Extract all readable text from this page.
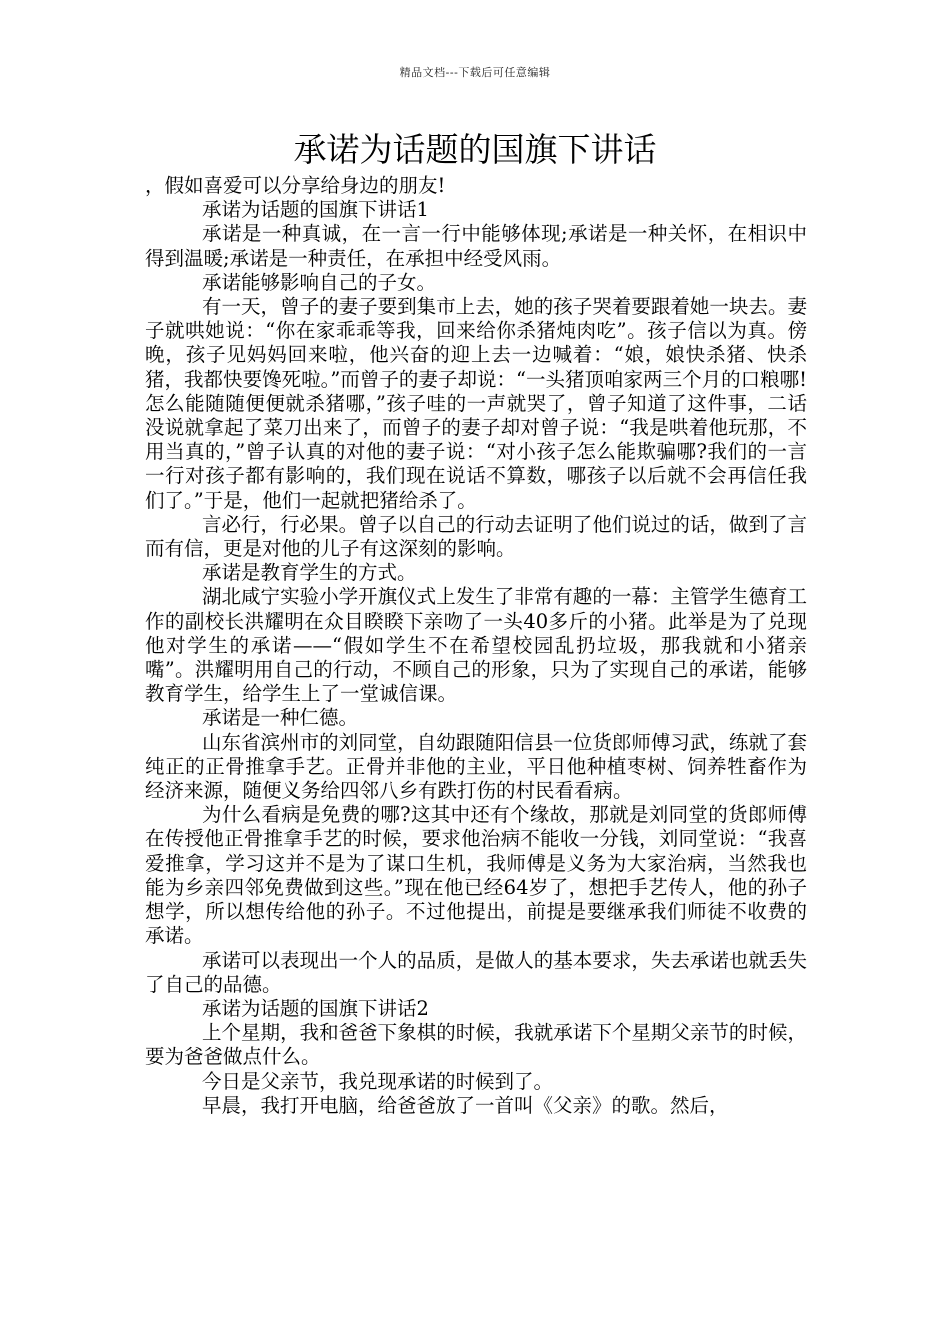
精品文档---下载后可任意编辑
承诺为话题的国旗下讲话

，假如喜爱可以分享给身边的朋友!

承诺为话题的国旗下讲话1

承诺是一种真诚，在一言一行中能够体现;承诺是一种关怀，在相识中得到温暖;承诺是一种责任，在承担中经受风雨。

承诺能够影响自己的子女。

有一天，曾子的妻子要到集市上去，她的孩子哭着要跟着她一块去。妻子就哄她说：“你在家乖乖等我，回来给你杀猪炖肉吃”。孩子信以为真。傍晚，孩子见妈妈回来啦，他兴奋的迎上去一边喊着：“娘，娘快杀猪、快杀猪，我都快要馋死啦。”而曾子的妻子却说：“一头猪顶咱家两三个月的口粮哪!怎么能随随便便就杀猪哪，”孩子哇的一声就哭了，曾子知道了这件事，二话没说就拿起了菜刀出来了，而曾子的妻子却对曾子说：“我是哄着他玩那，不用当真的，”曾子认真的对他的妻子说：“对小孩子怎么能欺骗哪?我们的一言一行对孩子都有影响的，我们现在说话不算数，哪孩子以后就不会再信任我们了。”于是，他们一起就把猪给杀了。

言必行，行必果。曾子以自己的行动去证明了他们说过的话，做到了言而有信，更是对他的儿子有这深刻的影响。

承诺是教育学生的方式。

湖北咸宁实验小学开旗仪式上发生了非常有趣的一幕：主管学生德育工作的副校长洪耀明在众目睽睽下亲吻了一头40多斤的小猪。此举是为了兑现他对学生的承诺——“假如学生不在希望校园乱扔垃圾，那我就和小猪亲嘴”。洪耀明用自己的行动，不顾自己的形象，只为了实现自己的承诺，能够教育学生，给学生上了一堂诚信课。

承诺是一种仁德。

山东省滨州市的刘同堂，自幼跟随阳信县一位货郎师傅习武，练就了套纯正的正骨推拿手艺。正骨并非他的主业，平日他种植枣树、饲养牲畜作为经济来源，随便义务给四邻八乡有跌打伤的村民看看病。

为什么看病是免费的哪?这其中还有个缘故，那就是刘同堂的货郎师傅在传授他正骨推拿手艺的时候，要求他治病不能收一分钱，刘同堂说：“我喜爱推拿，学习这并不是为了谋口生机，我师傅是义务为大家治病，当然我也能为乡亲四邻免费做到这些。”现在他已经64岁了，想把手艺传人，他的孙子想学，所以想传给他的孙子。不过他提出，前提是要继承我们师徒不收费的承诺。

承诺可以表现出一个人的品质，是做人的基本要求，失去承诺也就丢失了自己的品德。

承诺为话题的国旗下讲话2

上个星期，我和爸爸下象棋的时候，我就承诺下个星期父亲节的时候，要为爸爸做点什么。

今日是父亲节，我兑现承诺的时候到了。

早晨，我打开电脑，给爸爸放了一首叫《父亲》的歌。然后，
